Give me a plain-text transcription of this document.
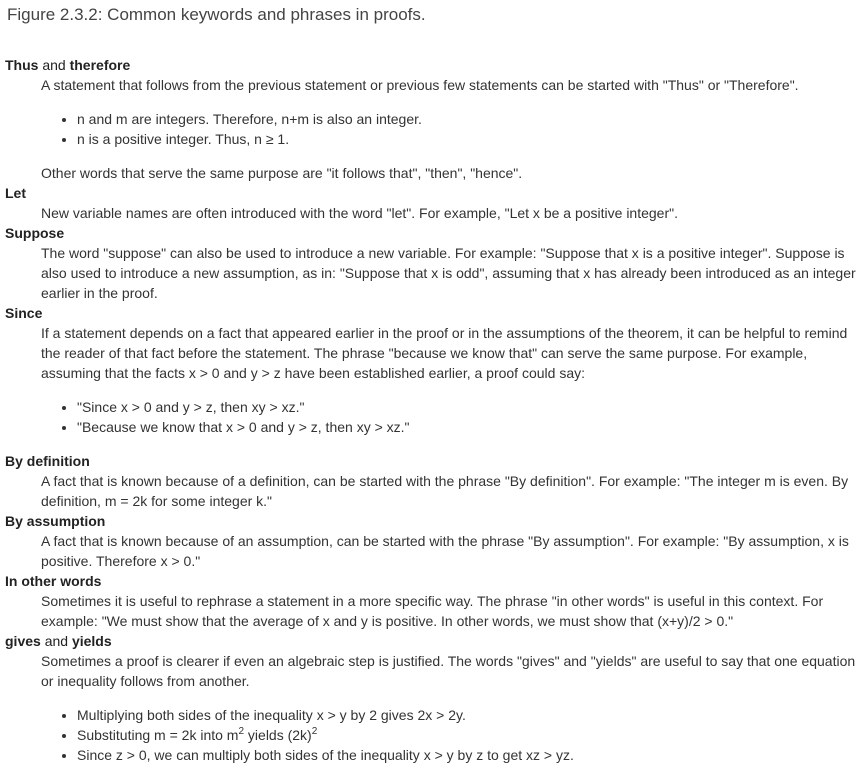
Figure 2.3.2: Common keywords and phrases in proofs.

Thus and therefore

A statement that follows from the previous statement or previous few statements can be started with "Thus" or "Therefore".

• n and m are integers. Therefore, n+m is also an integer.
• n is a positive integer. Thus, n ≥ 1.

Other words that serve the same purpose are "it follows that", "then", "hence".

Let

New variable names are often introduced with the word "let". For example, "Let x be a positive integer".

Suppose

The word "suppose" can also be used to introduce a new variable. For example: "Suppose that x is a positive integer". Suppose is also used to introduce a new assumption, as in: "Suppose that x is odd", assuming that x has already been introduced as an integer earlier in the proof.

Since

If a statement depends on a fact that appeared earlier in the proof or in the assumptions of the theorem, it can be helpful to remind the reader of that fact before the statement. The phrase "because we know that" can serve the same purpose. For example, assuming that the facts x > 0 and y > z have been established earlier, a proof could say:

• "Since x > 0 and y > z, then xy > xz."
• "Because we know that x > 0 and y > z, then xy > xz."
By definition

A fact that is known because of a definition, can be started with the phrase "By definition". For example: "The integer m is even. By definition, m = 2k for some integer k."

By assumption

A fact that is known because of an assumption, can be started with the phrase "By assumption". For example: "By assumption, x is positive. Therefore x > 0."

In other words

Sometimes it is useful to rephrase a statement in a more specific way. The phrase "in other words" is useful in this context. For example: "We must show that the average of x and y is positive. In other words, we must show that (x+y)/2 > 0."

gives and yields

Sometimes a proof is clearer if even an algebraic step is justified. The words "gives" and "yields" are useful to say that one equation or inequality follows from another.

• Multiplying both sides of the inequality x > y by 2 gives 2x > 2y.
• Substituting m = 2k into $m^2$ yields $(2k)^2$
• Since z > 0, we can multiply both sides of the inequality x > y by z to get xz > yz.
